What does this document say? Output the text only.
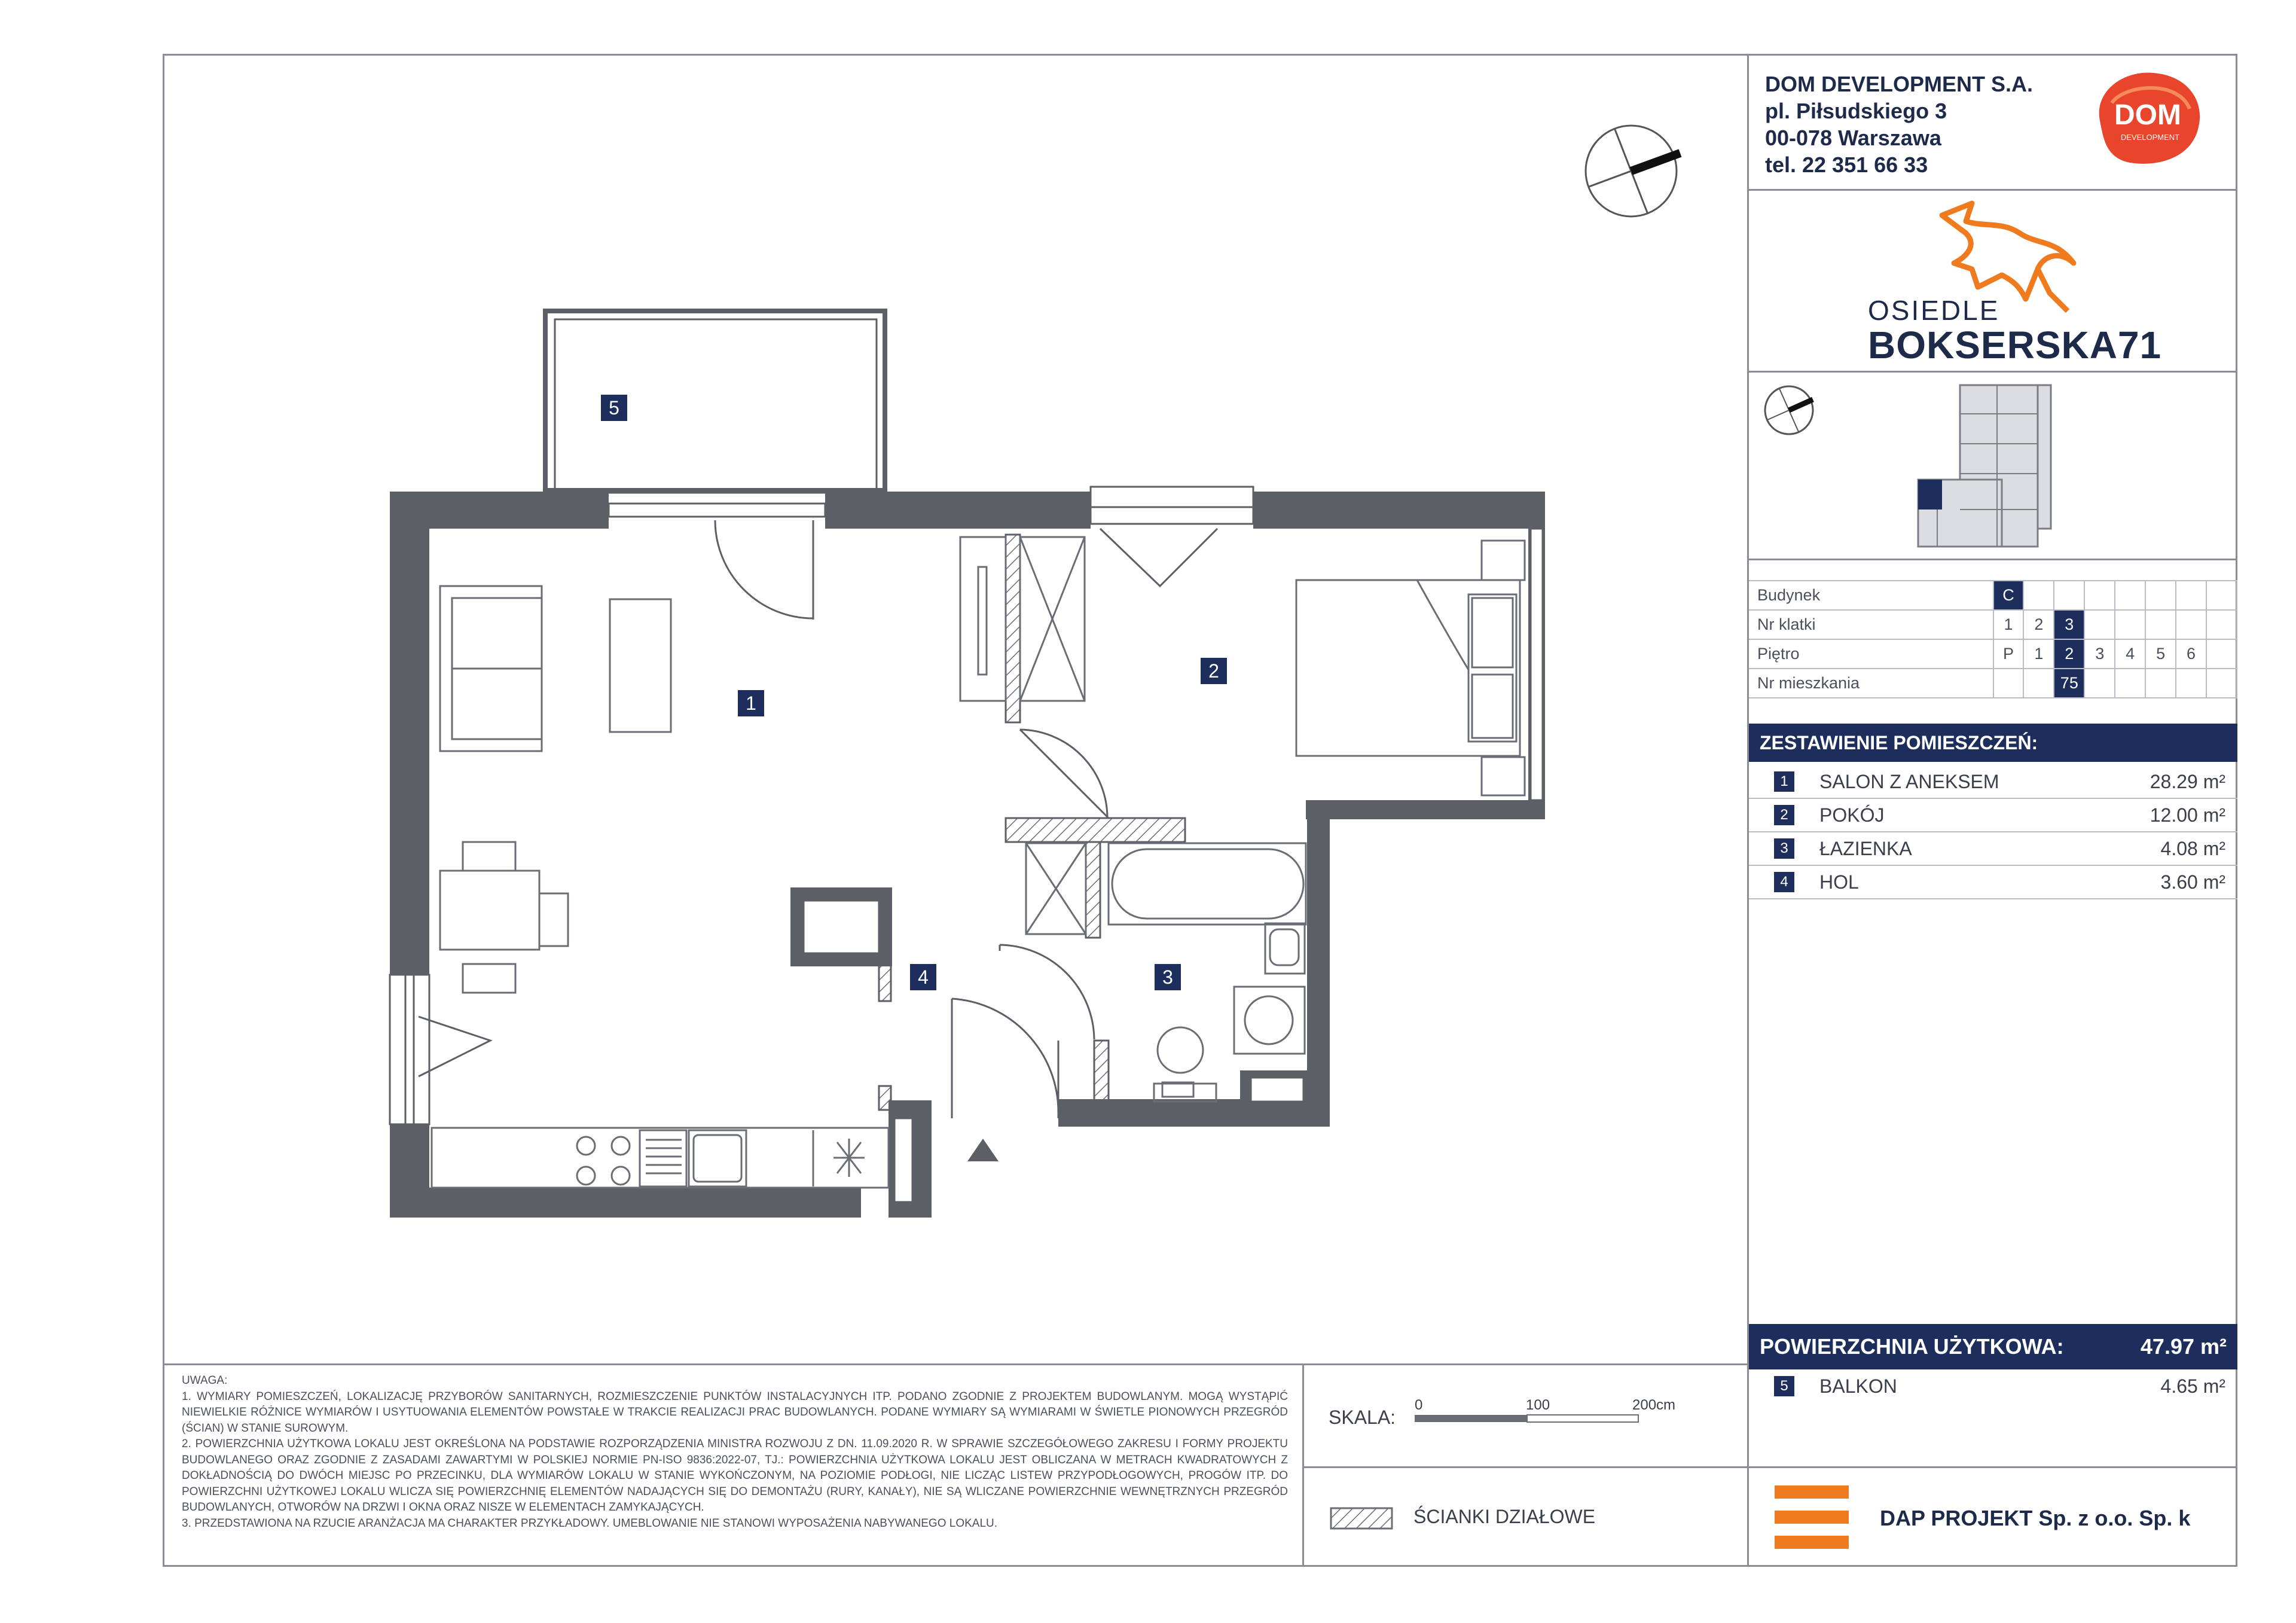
5
1
2
3
4
DOM DEVELOPMENT S.A.
pl. Piłsudskiego 3
00-078 Warszawa
tel. 22 351 66 33
DOM
DEVELOPMENT
OSIEDLE
BOKSERSKA71
Budynek	C							
Nr klatki	1	2	3					
Piętro	P	1	2	3	4	5	6	
Nr mieszkania			75					
ZESTAWIENIE POMIESZCZEŃ:
1	SALON Z ANEKSEM	28.29 m²
2	POKÓJ	12.00 m²
3	ŁAZIENKA	4.08 m²
4	HOL	3.60 m²
POWIERZCHNIA UŻYTKOWA:	47.97 m²
5	BALKON	4.65 m²

UWAGA:

1. WYMIARY POMIESZCZEŃ, LOKALIZACJĘ PRZYBORÓW SANITARNYCH, ROZMIESZCZENIE PUNKTÓW INSTALACYJNYCH ITP. PODANO ZGODNIE Z PROJEKTEM BUDOWLANYM. MOGĄ WYSTĄPIĆ NIEWIELKIE RÓŻNICE WYMIARÓW I USYTUOWANIA ELEMENTÓW POWSTAŁE W TRAKCIE REALIZACJI PRAC BUDOWLANYCH. PODANE WYMIARY SĄ WYMIARAMI W ŚWIETLE PIONOWYCH PRZEGRÓD (ŚCIAN) W STANIE SUROWYM.

2. POWIERZCHNIA UŻYTKOWA LOKALU JEST OKREŚLONA NA PODSTAWIE ROZPORZĄDZENIA MINISTRA ROZWOJU Z DN. 11.09.2020 R. W SPRAWIE SZCZEGÓŁOWEGO ZAKRESU I FORMY PROJEKTU BUDOWLANEGO ORAZ ZGODNIE Z ZASADAMI ZAWARTYMI W POLSKIEJ NORMIE PN-ISO 9836:2022-07, TJ.: POWIERZCHNIA UŻYTKOWA LOKALU JEST OBLICZANA W METRACH KWADRATOWYCH Z DOKŁADNOŚCIĄ DO DWÓCH MIEJSC PO PRZECINKU, DLA WYMIARÓW LOKALU W STANIE WYKOŃCZONYM, NA POZIOMIE PODŁOGI, NIE LICZĄC LISTEW PRZYPODŁOGOWYCH, PROGÓW ITP. DO POWIERZCHNI UŻYTKOWEJ LOKALU WLICZA SIĘ POWIERZCHNIĘ ELEMENTÓW NADAJĄCYCH SIĘ DO DEMONTAŻU (RURY, KANAŁY), NIE SĄ WLICZANE POWIERZCHNIE WEWNĘTRZNYCH PRZEGRÓD BUDOWLANYCH, OTWORÓW NA DRZWI I OKNA ORAZ NISZE W ELEMENTACH ZAMYKAJĄCYCH.

3. PRZEDSTAWIONA NA RZUCIE ARANŻACJA MA CHARAKTER PRZYKŁADOWY. UMEBLOWANIE NIE STANOWI WYPOSAŻENIA NABYWANEGO LOKALU.

SKALA:
0	100	200cm
ŚCIANKI DZIAŁOWE	DAP PROJEKT Sp. z o.o. Sp. k
